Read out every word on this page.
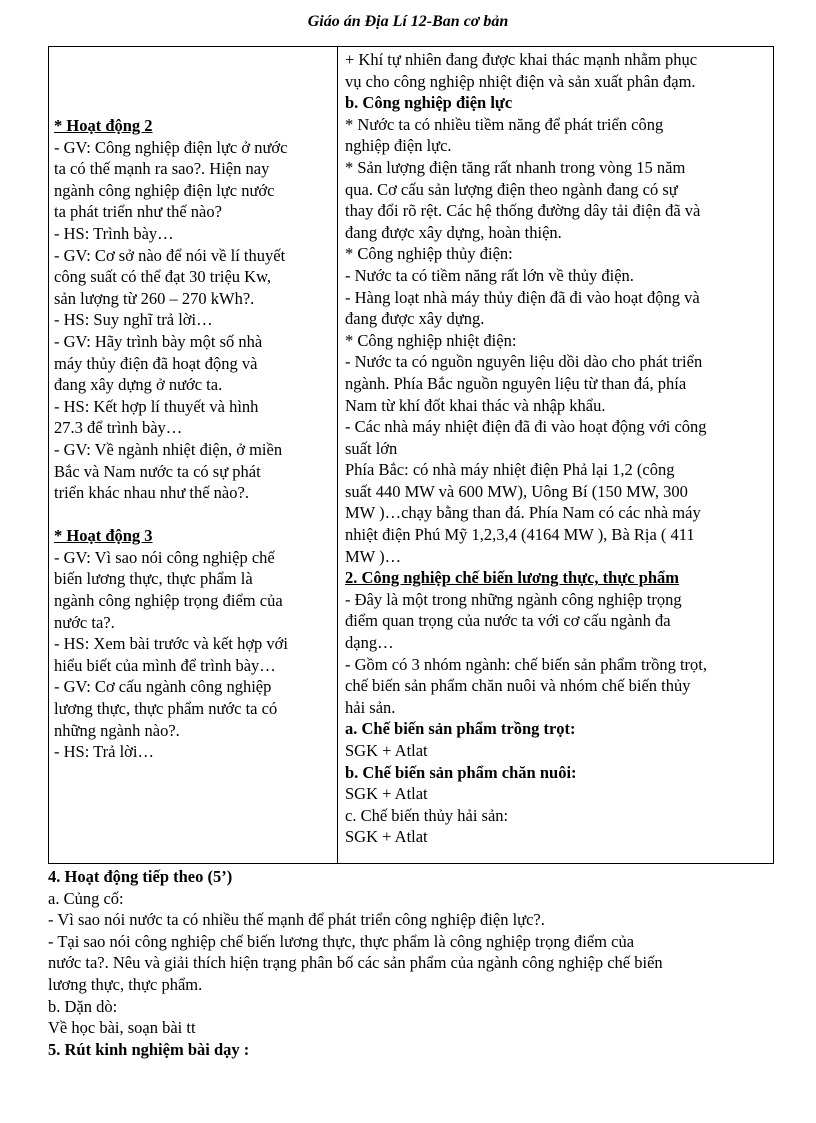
Giáo án Địa Lí 12-Ban cơ bản
* Hoạt động 2
- GV: Công nghiệp điện lực ở nước
ta có thế mạnh ra sao?. Hiện nay
ngành công nghiệp điện lực nước
ta phát triển như thế nào?
- HS: Trình bày…
- GV: Cơ sở nào để nói về lí thuyết
công suất có thể đạt 30 triệu Kw,
sản lượng từ 260 – 270 kWh?.
- HS: Suy nghĩ trả lời…
- GV: Hãy trình bày một số nhà
máy thủy điện đã hoạt động và
đang xây dựng ở nước ta.
- HS: Kết hợp lí thuyết và hình
27.3 để trình bày…
- GV: Về ngành nhiệt điện, ở miền
Bắc và Nam nước ta có sự phát
triển khác nhau như thế nào?.
* Hoạt động 3
- GV: Vì sao nói công nghiệp chế
biến lương thực, thực phẩm là
ngành công nghiệp trọng điểm của
nước ta?.
- HS: Xem bài trước và kết hợp với
hiểu biết của mình để trình bày…
- GV: Cơ cấu ngành công nghiệp
lương thực, thực phẩm nước ta có
những ngành nào?.
- HS: Trả lời…
+ Khí tự nhiên đang được khai thác mạnh nhằm phục
vụ cho công nghiệp nhiệt điện và sản xuất phân đạm.
b. Công nghiệp điện lực
* Nước ta có nhiều tiềm năng để phát triển công
nghiệp điện lực.
* Sản lượng điện tăng rất nhanh trong vòng 15 năm
qua. Cơ cấu sản lượng điện theo ngành đang có sự
thay đổi rõ rệt. Các hệ thống đường dây tải điện đã và
đang được xây dựng, hoàn thiện.
* Công nghiệp thủy điện:
- Nước ta có tiềm năng rất lớn về thủy điện.
- Hàng loạt nhà máy thủy điện đã đi vào hoạt động và
đang được xây dựng.
* Công nghiệp nhiệt điện:
- Nước ta có nguồn nguyên liệu dồi dào cho phát triển
ngành. Phía Bắc nguồn nguyên liệu từ than đá, phía
Nam từ khí đốt khai thác và nhập khẩu.
- Các nhà máy nhiệt điện đã đi vào hoạt động với công
suất lớn
Phía Bắc: có nhà máy nhiệt điện Phả lại 1,2 (công
suất 440 MW và 600 MW), Uông Bí (150 MW, 300
MW )…chạy bằng than đá. Phía Nam có các nhà máy
nhiệt điện Phú Mỹ 1,2,3,4 (4164 MW ), Bà Rịa ( 411
MW )…
2. Công nghiệp chế biến lương thực, thực phẩm
- Đây là một trong những ngành công nghiệp trọng
điểm quan trọng của nước ta với cơ cấu ngành đa
dạng…
- Gồm có 3 nhóm ngành: chế biến sản phẩm trồng trọt,
chế biến sản phẩm chăn nuôi và nhóm chế biến thủy
hải sản.
a. Chế biến sản phẩm trồng trọt:
SGK + Atlat
b. Chế biến sản phẩm chăn nuôi:
SGK + Atlat
c. Chế biến thủy hải sản:
SGK + Atlat
4. Hoạt động tiếp theo (5’)
a. Củng cố:
- Vì sao nói nước ta có nhiều thế mạnh để phát triển công nghiệp điện lực?.
- Tại sao nói công nghiệp chế biến lương thực, thực phẩm là công nghiệp trọng điểm của
nước ta?. Nêu và giải thích hiện trạng phân bố các sản phẩm của ngành công nghiệp chế biến
lương thực, thực phẩm.
b. Dặn dò:
Về học bài, soạn bài tt
5. Rút kinh nghiệm bài dạy :
